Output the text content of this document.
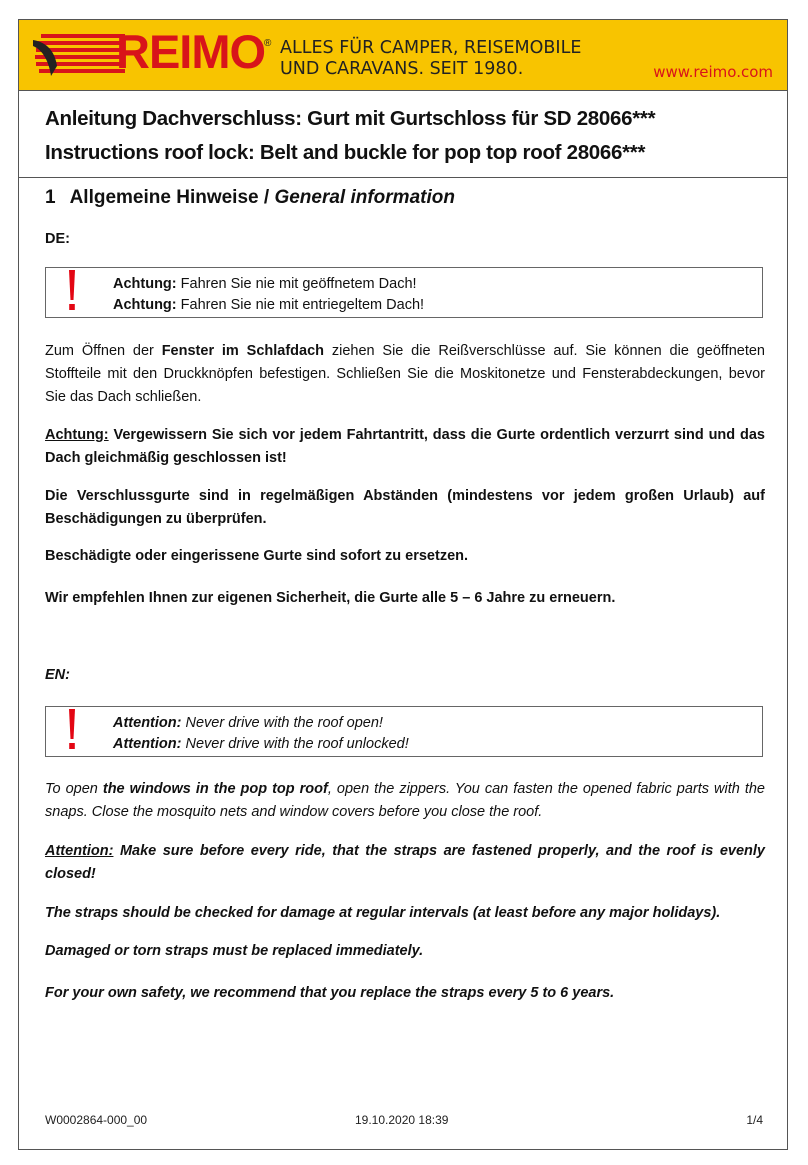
REIMO
® ALLES FÜR CAMPER, REISEMOBILE
UND CARAVANS. SEIT 1980.	www.reimo.com
Anleitung Dachverschluss: Gurt mit Gurtschloss für SD 28066***
Instructions roof lock: Belt and buckle for pop top roof 28066***
1 Allgemeine Hinweise / General information
DE:
Achtung: Fahren Sie nie mit geöffnetem Dach!
Achtung: Fahren Sie nie mit entriegeltem Dach!

Zum Öffnen der Fenster im Schlafdach ziehen Sie die Reißverschlüsse auf. Sie können die geöffneten Stoffteile mit den Druckknöpfen befestigen. Schließen Sie die Moskitonetze und Fensterabdeckungen, bevor Sie das Dach schließen.

Achtung: Vergewissern Sie sich vor jedem Fahrtantritt, dass die Gurte ordentlich verzurrt sind und das Dach gleichmäßig geschlossen ist!

Die Verschlussgurte sind in regelmäßigen Abständen (mindestens vor jedem großen Urlaub) auf Beschädigungen zu überprüfen.

Beschädigte oder eingerissene Gurte sind sofort zu ersetzen.

Wir empfehlen Ihnen zur eigenen Sicherheit, die Gurte alle 5 – 6 Jahre zu erneuern.

EN:
Attention: Never drive with the roof open!
Attention: Never drive with the roof unlocked!

To open the windows in the pop top roof, open the zippers. You can fasten the opened fabric parts with the snaps. Close the mosquito nets and window covers before you close the roof.

Attention: Make sure before every ride, that the straps are fastened properly, and the roof is evenly closed!

The straps should be checked for damage at regular intervals (at least before any major holidays).

Damaged or torn straps must be replaced immediately.

For your own safety, we recommend that you replace the straps every 5 to 6 years.

W0002864-000_00	19.10.2020 18:39	1/4
